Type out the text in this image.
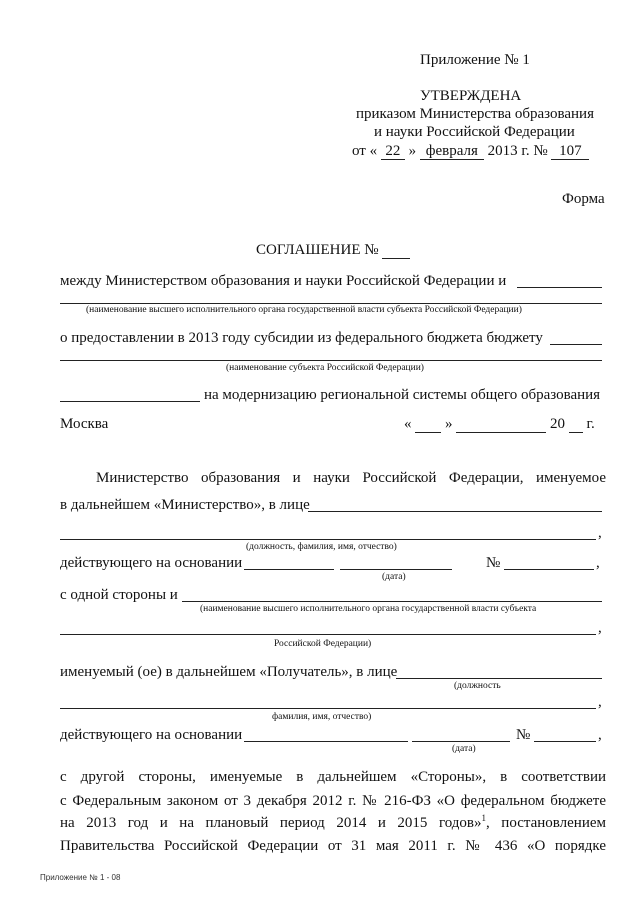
Приложение № 1
УТВЕРЖДЕНА
приказом Министерства образования
и науки Российской Федерации
от « 22 » февраля 2013 г. № 107
Форма
СОГЛАШЕНИЕ №
между Министерством образования и науки Российской Федерации и
(наименование высшего исполнительного органа государственной власти субъекта Российской Федерации)
о предоставлении в 2013 году субсидии из федерального бюджета бюджету
(наименование субъекта Российской Федерации)
на модернизацию региональной системы общего образования
Москва	« »	20 г.
Министерство образования и науки Российской Федерации, именуемое
в дальнейшем «Министерство», в лице
,
(должность, фамилия, имя, отчество)
действующего на основании	№	,
(дата)
с одной стороны и
(наименование высшего исполнительного органа государственной власти субъекта
,
Российской Федерации)
именуемый (ое) в дальнейшем «Получатель», в лице
(должность
,
фамилия, имя, отчество)
действующего на основании	№	,
(дата)
с другой стороны, именуемые в дальнейшем «Стороны», в соответствии
с Федеральным законом от 3 декабря 2012 г. № 216-ФЗ «О федеральном бюджете
на 2013 год и на плановый период 2014 и 2015 годов»$^1$, постановлением
Правительства Российской Федерации от 31 мая 2011 г. № 436 «О порядке
Приложение № 1 - 08
